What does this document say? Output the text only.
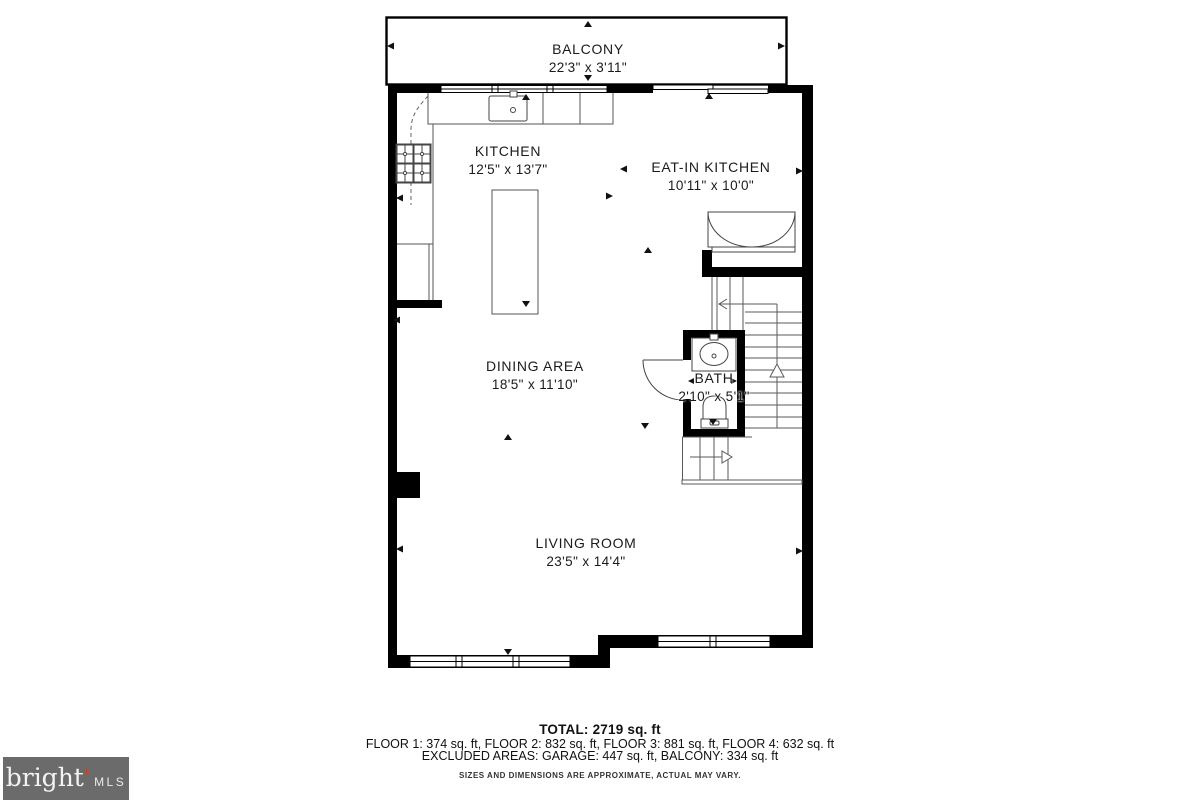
BALCONY
22'3" x 3'11"
KITCHEN
12'5" x 13'7"	EAT-IN KITCHEN
10'11" x 10'0"
DINING AREA
18'5" x 11'10"	BATH
2'10" x 5'1"
LIVING ROOM
23'5" x 14'4"
TOTAL: 2719 sq. ft
FLOOR 1: 374 sq. ft, FLOOR 2: 832 sq. ft, FLOOR 3: 881 sq. ft, FLOOR 4: 632 sq. ft
EXCLUDED AREAS: GARAGE: 447 sq. ft, BALCONY: 334 sq. ft
SIZES AND DIMENSIONS ARE APPROXIMATE, ACTUAL MAY VARY.
bright
✶
MLS
